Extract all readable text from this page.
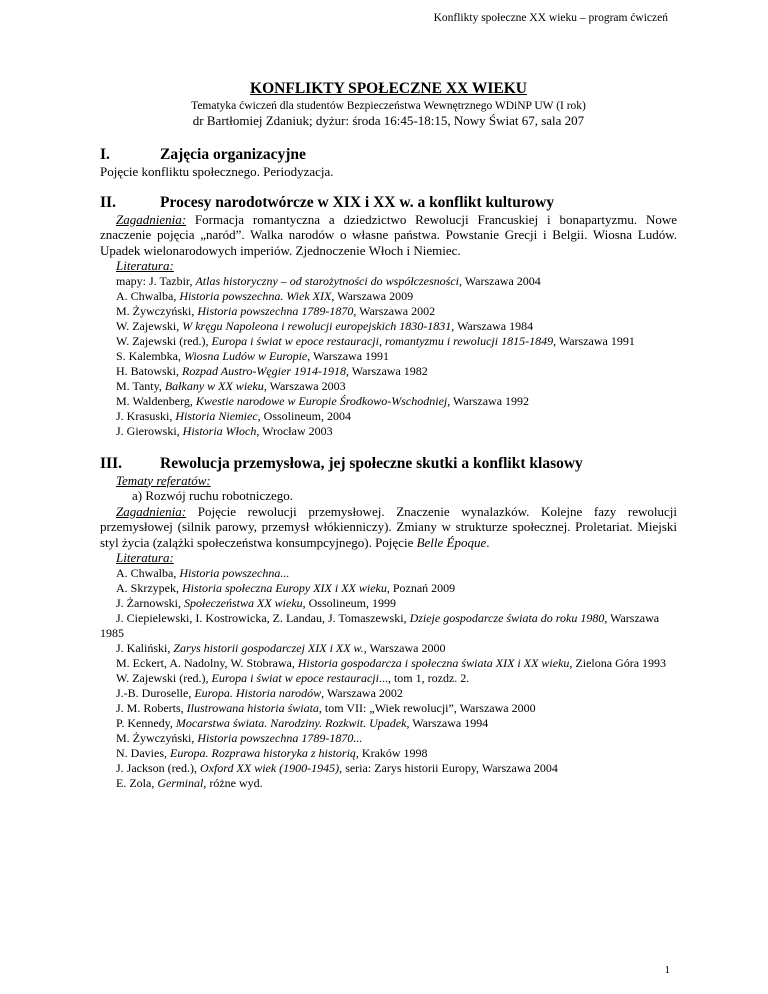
Konflikty społeczne XX wieku – program ćwiczeń
KONFLIKTY SPOŁECZNE XX WIEKU
Tematyka ćwiczeń dla studentów Bezpieczeństwa Wewnętrznego WDiNP UW (I rok)
dr Bartłomiej Zdaniuk; dyżur: środa 16:45-18:15, Nowy Świat 67, sala 207
I.	Zajęcia organizacyjne
Pojęcie konfliktu społecznego. Periodyzacja.
II.	Procesy narodotwórcze w XIX i XX w. a konflikt kulturowy
Zagadnienia: Formacja romantyczna a dziedzictwo Rewolucji Francuskiej i bonapartyzmu. Nowe znaczenie pojęcia „naród”. Walka narodów o własne państwa. Powstanie Grecji i Belgii. Wiosna Ludów. Upadek wielonarodowych imperiów. Zjednoczenie Włoch i Niemiec.
Literatura:
mapy: J. Tazbir, Atlas historyczny – od starożytności do współczesności, Warszawa 2004
A. Chwalba, Historia powszechna. Wiek XIX, Warszawa 2009
M. Żywczyński, Historia powszechna 1789-1870, Warszawa 2002
W. Zajewski, W kręgu Napoleona i rewolucji europejskich 1830-1831, Warszawa 1984
W. Zajewski (red.), Europa i świat w epoce restauracji, romantyzmu i rewolucji 1815-1849, Warszawa 1991
S. Kalembka, Wiosna Ludów w Europie, Warszawa 1991
H. Batowski, Rozpad Austro-Węgier 1914-1918, Warszawa 1982
M. Tanty, Bałkany w XX wieku, Warszawa 2003
M. Waldenberg, Kwestie narodowe w Europie Środkowo-Wschodniej, Warszawa 1992
J. Krasuski, Historia Niemiec, Ossolineum, 2004
J. Gierowski, Historia Włoch, Wrocław 2003
III.	Rewolucja przemysłowa, jej społeczne skutki a konflikt klasowy
Tematy referatów:
a) Rozwój ruchu robotniczego.
Zagadnienia: Pojęcie rewolucji przemysłowej. Znaczenie wynalazków. Kolejne fazy rewolucji przemysłowej (silnik parowy, przemysł włókienniczy). Zmiany w strukturze społecznej. Proletariat. Miejski styl życia (zalążki społeczeństwa konsumpcyjnego). Pojęcie Belle Époque.
Literatura:
A. Chwalba, Historia powszechna...
A. Skrzypek, Historia społeczna Europy XIX i XX wieku, Poznań 2009
J. Żarnowski, Społeczeństwa XX wieku, Ossolineum, 1999
J. Ciepielewski, I. Kostrowicka, Z. Landau, J. Tomaszewski, Dzieje gospodarcze świata do roku 1980, Warszawa 1985
J. Kaliński, Zarys historii gospodarczej XIX i XX w., Warszawa 2000
M. Eckert, A. Nadolny, W. Stobrawa, Historia gospodarcza i społeczna świata XIX i XX wieku, Zielona Góra 1993
W. Zajewski (red.), Europa i świat w epoce restauracji..., tom 1, rozdz. 2.
J.-B. Duroselle, Europa. Historia narodów, Warszawa 2002
J. M. Roberts, Ilustrowana historia świata, tom VII: „Wiek rewolucji”, Warszawa 2000
P. Kennedy, Mocarstwa świata. Narodziny. Rozkwit. Upadek, Warszawa 1994
M. Żywczyński, Historia powszechna 1789-1870...
N. Davies, Europa. Rozprawa historyka z historią, Kraków 1998
J. Jackson (red.), Oxford XX wiek (1900-1945), seria: Zarys historii Europy, Warszawa 2004
E. Zola, Germinal, różne wyd.
1
